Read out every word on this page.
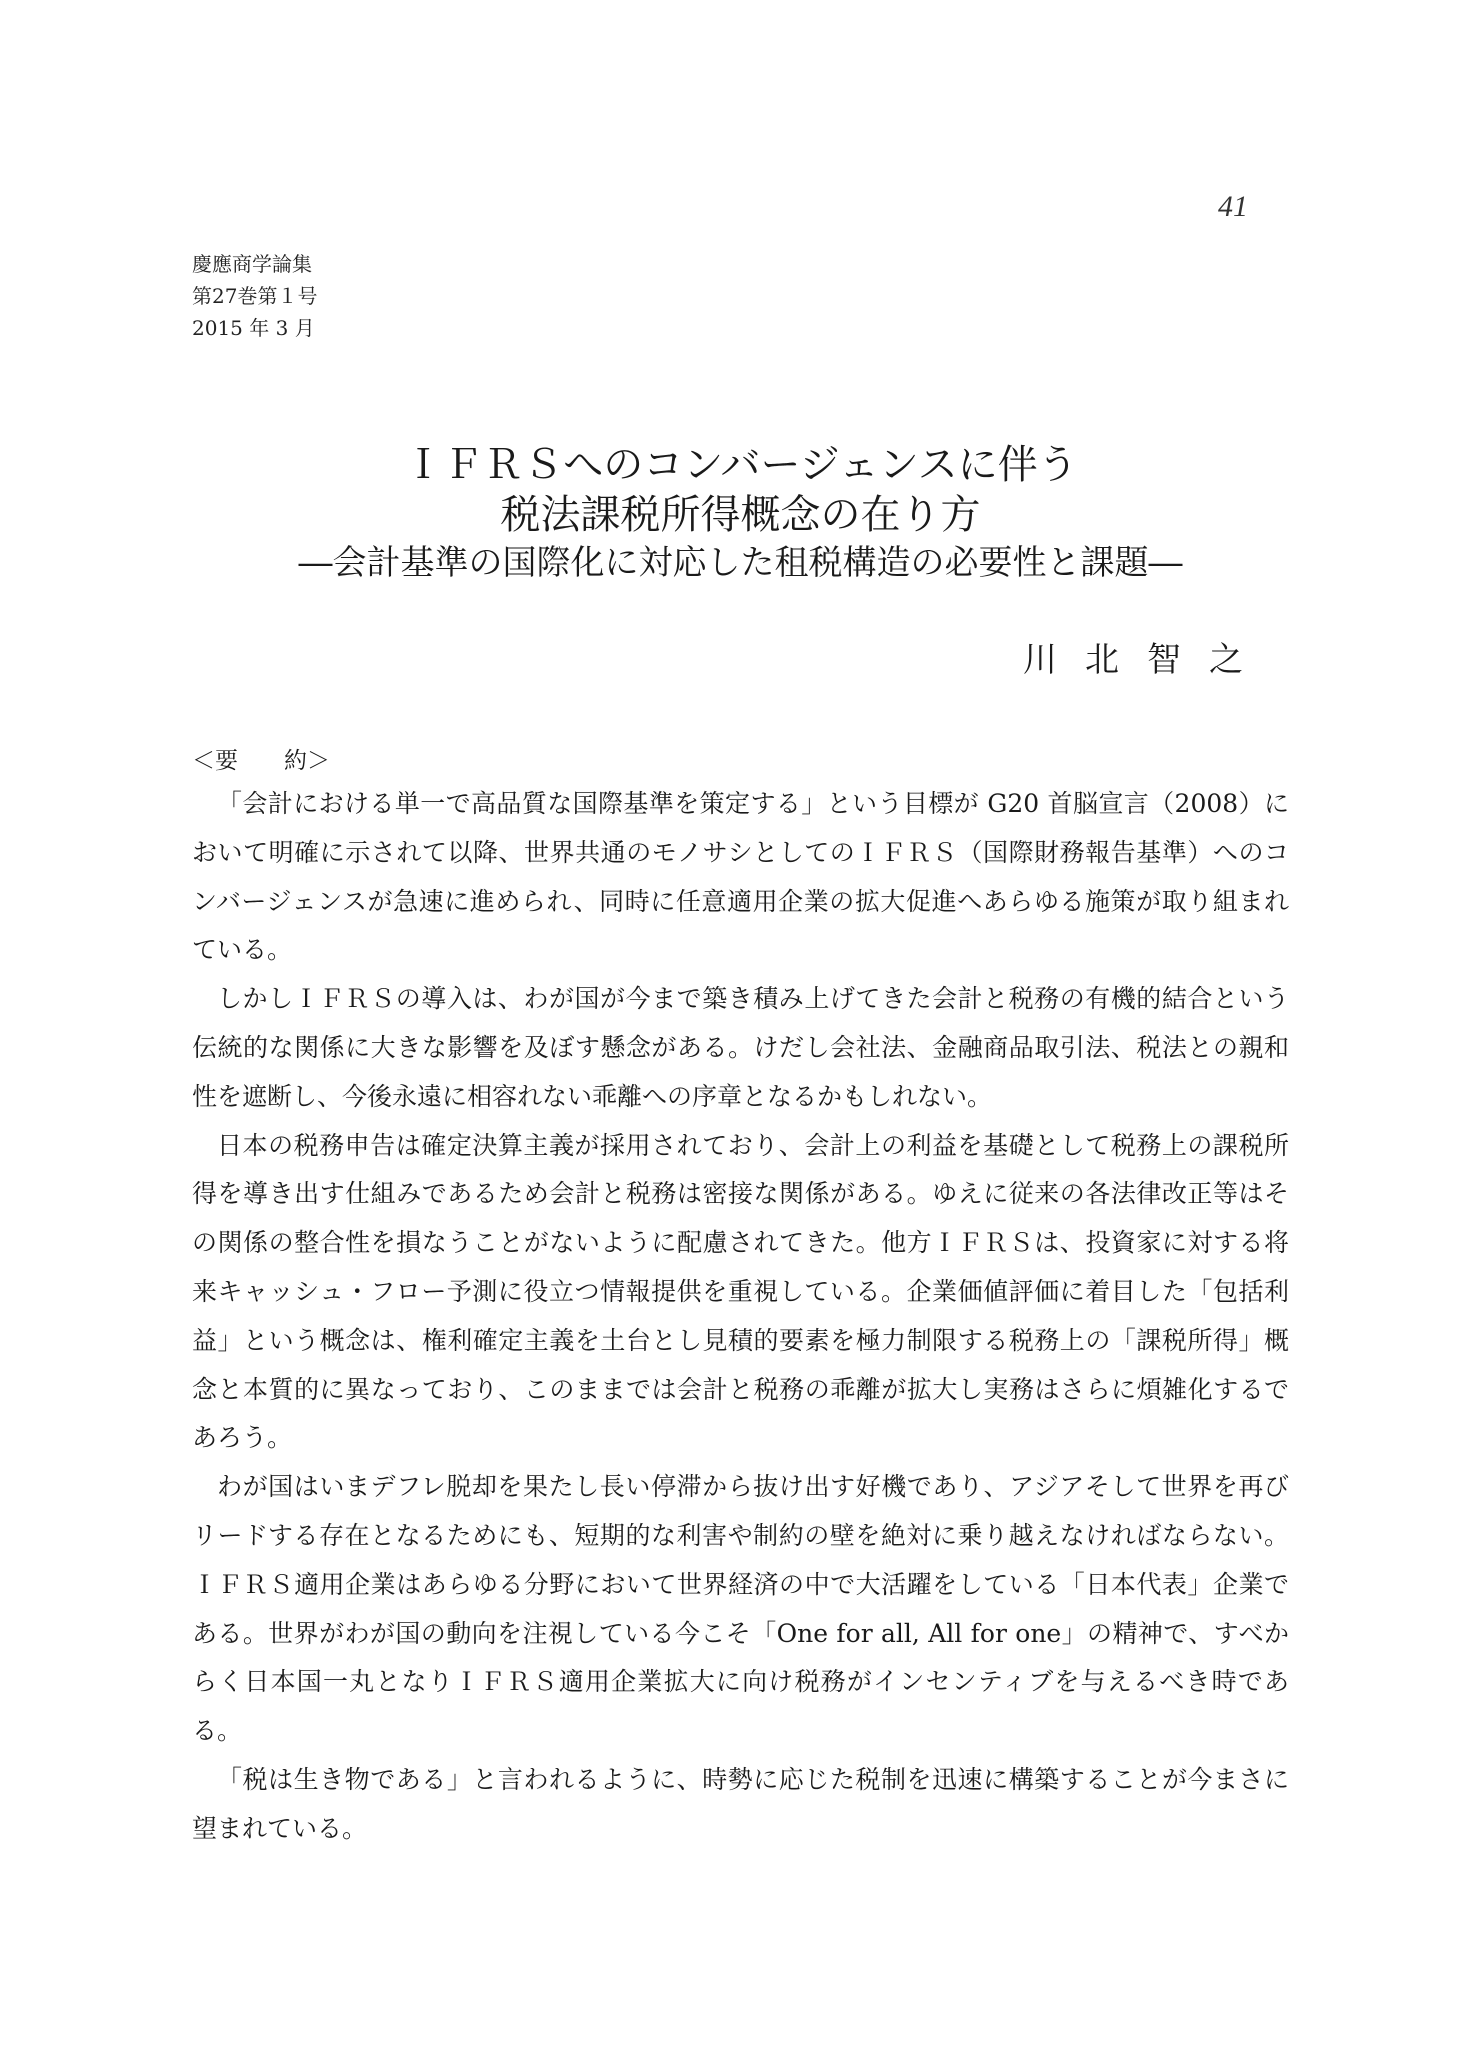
41
慶應商学論集
第27巻第１号
2015 年 3 月
ＩＦＲＳへのコンバージェンスに伴う
税法課税所得概念の在り方
―会計基準の国際化に対応した租税構造の必要性と課題―
川北智之
＜要　　約＞

「会計における単一で高品質な国際基準を策定する」という目標が G20 首脳宣言（2008）において明確に示されて以降、世界共通のモノサシとしてのＩＦＲＳ（国際財務報告基準）へのコンバージェンスが急速に進められ、同時に任意適用企業の拡大促進へあらゆる施策が取り組まれている。

しかしＩＦＲＳの導入は、わが国が今まで築き積み上げてきた会計と税務の有機的結合という伝統的な関係に大きな影響を及ぼす懸念がある。けだし会社法、金融商品取引法、税法との親和性を遮断し、今後永遠に相容れない乖離への序章となるかもしれない。

日本の税務申告は確定決算主義が採用されており、会計上の利益を基礎として税務上の課税所得を導き出す仕組みであるため会計と税務は密接な関係がある。ゆえに従来の各法律改正等はその関係の整合性を損なうことがないように配慮されてきた。他方ＩＦＲＳは、投資家に対する将来キャッシュ・フロー予測に役立つ情報提供を重視している。企業価値評価に着目した「包括利益」という概念は、権利確定主義を土台とし見積的要素を極力制限する税務上の「課税所得」概念と本質的に異なっており、このままでは会計と税務の乖離が拡大し実務はさらに煩雑化するであろう。

わが国はいまデフレ脱却を果たし長い停滞から抜け出す好機であり、アジアそして世界を再びリードする存在となるためにも、短期的な利害や制約の壁を絶対に乗り越えなければならない。ＩＦＲＳ適用企業はあらゆる分野において世界経済の中で大活躍をしている「日本代表」企業である。世界がわが国の動向を注視している今こそ「One for all, All for one」の精神で、すべからく日本国一丸となりＩＦＲＳ適用企業拡大に向け税務がインセンティブを与えるべき時である。

「税は生き物である」と言われるように、時勢に応じた税制を迅速に構築することが今まさに望まれている。
